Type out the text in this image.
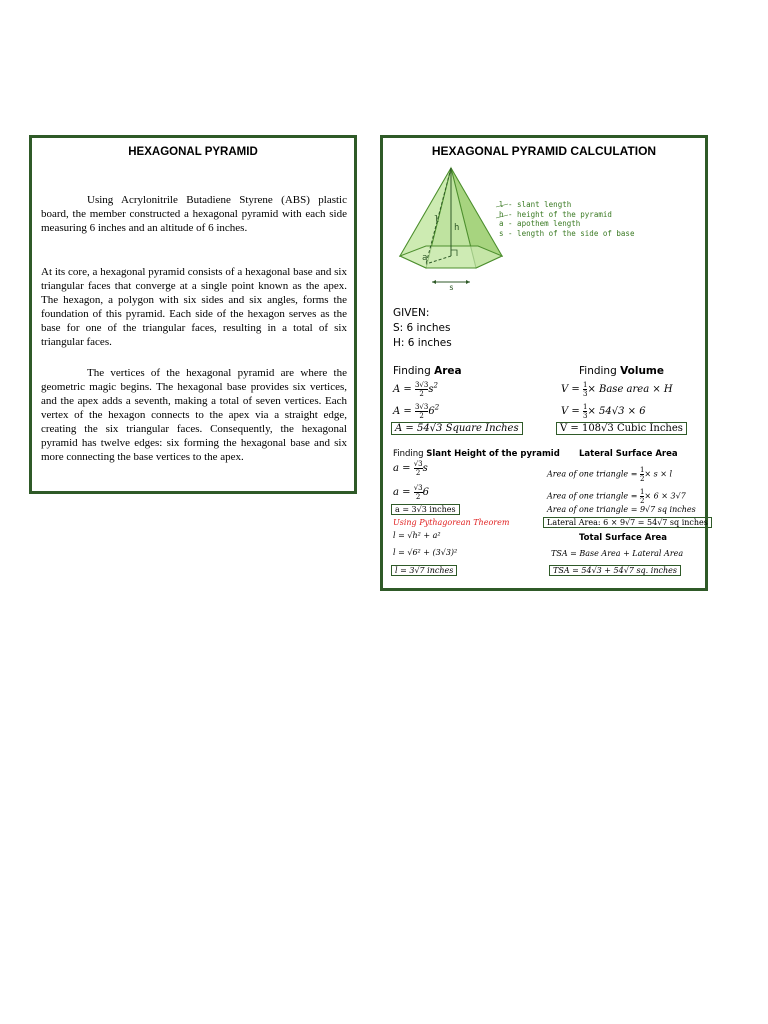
HEXAGONAL PYRAMID
Using Acrylonitrile Butadiene Styrene (ABS) plastic board, the member constructed a hexagonal pyramid with each side measuring 6 inches and an altitude of 6 inches.
At its core, a hexagonal pyramid consists of a hexagonal base and six triangular faces that converge at a single point known as the apex. The hexagon, a polygon with six sides and six angles, forms the foundation of this pyramid. Each side of the hexagon serves as the base for one of the triangular faces, resulting in a total of six triangular faces.
The vertices of the hexagonal pyramid are where the geometric magic begins. The hexagonal base provides six vertices, and the apex adds a seventh, making a total of seven vertices. Each vertex of the hexagon connects to the apex via a straight edge, creating the six triangular faces. Consequently, the hexagonal pyramid has twelve edges: six forming the hexagonal base and six more connecting the base vertices to the apex.
HEXAGONAL PYRAMID CALCULATION
h
l
a
s
l - slant length
h - height of the pyramid
a - apothem length
s - length of the side of base
GIVEN:
S: 6 inches
H: 6 inches
Finding Area
$A = \frac{3√3}{2} s^2$
$A = \frac{3√3}{2} 6^2$
A = 54√3 Square Inches
Finding Volume
$V = \frac{1}{3}$ × Base area × H
$V = \frac{1}{3} \times 54√3 \times 6$
V = 108√3 Cubic Inches
Finding Slant Height of the pyramid Lateral Surface Area
$a = \frac{√3}{2}$ s
$a = \frac{√3}{2} 6$
a = 3√3 inches
Using Pythagorean Theorem
Area of one triangle = $\frac{1}{2} \times s \times l$
Area of one triangle = $\frac{1}{2} \times 6 \times 3√7$
Area of one triangle = 9√7 sq inches
Lateral Area: 6 × 9√7 = 54√7 sq inches
l = √h² + a²
l = √6² + (3√3)²
l = 3√7 inches
Total Surface Area
TSA = Base Area + Lateral Area
TSA = 54√3 + 54√7 sq. inches
